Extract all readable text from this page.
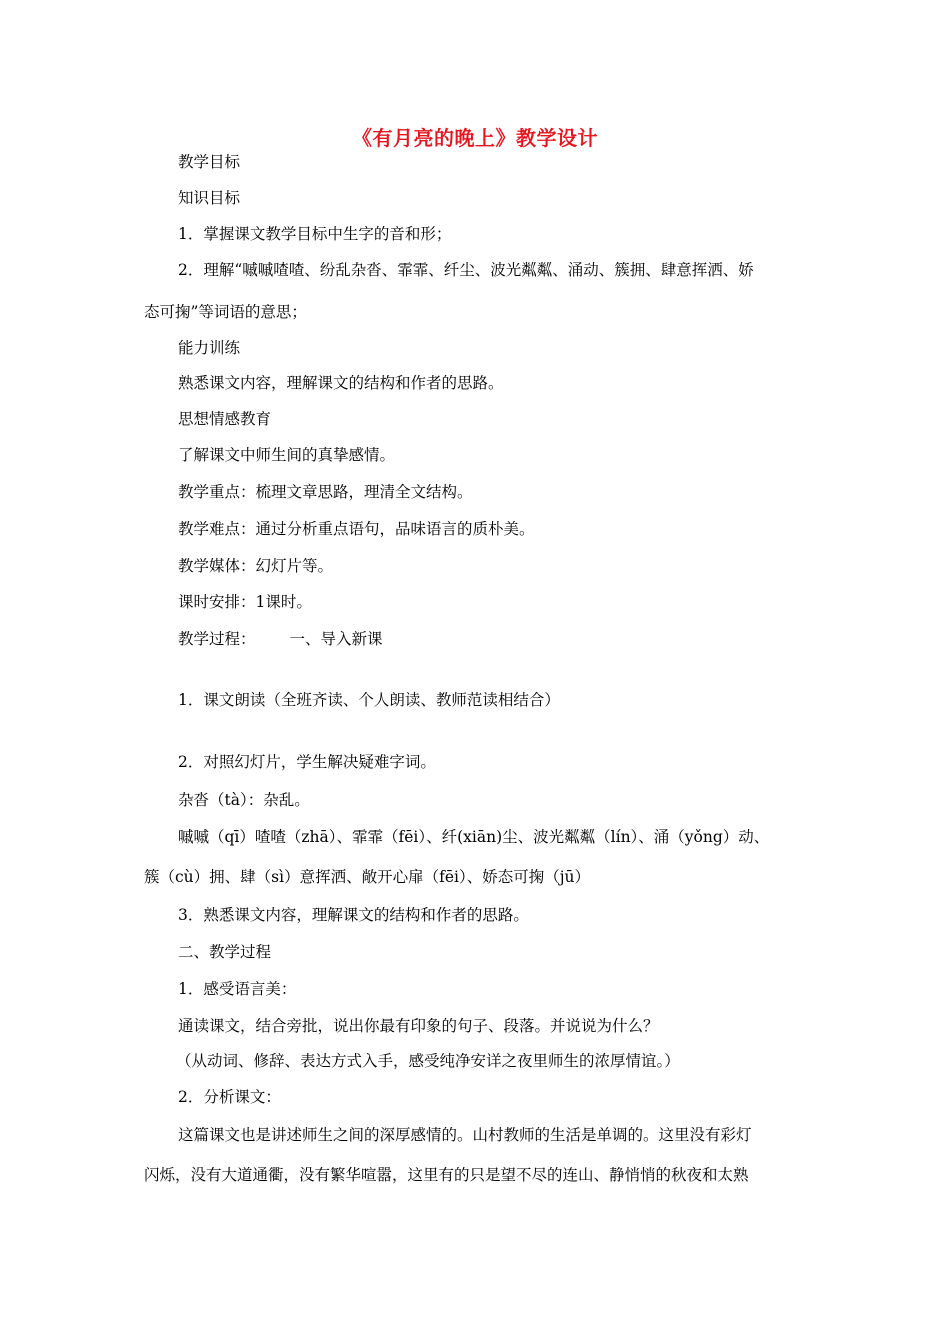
《有月亮的晚上》教学设计
教学目标
知识目标
1．掌握课文教学目标中生字的音和形；
2．理解“嘁嘁喳喳、纷乱杂沓、霏霏、纤尘、波光粼粼、涌动、簇拥、肆意挥洒、娇
态可掬”等词语的意思；
能力训练
熟悉课文内容，理解课文的结构和作者的思路。
思想情感教育
了解课文中师生间的真挚感情。
教学重点：梳理文章思路，理清全文结构。
教学难点：通过分析重点语句，品味语言的质朴美。
教学媒体：幻灯片等。
课时安排：1课时。
教学过程： 一、导入新课
1．课文朗读（全班齐读、个人朗读、教师范读相结合）
2．对照幻灯片，学生解决疑难字词。
杂沓（tà）：杂乱。
嘁嘁（qī）喳喳（zhā）、霏霏（fēi）、纤(xiān)尘、波光粼粼（lín）、涌（yǒng）动、
簇（cù）拥、肆（sì）意挥洒、敞开心扉（fēi）、娇态可掬（jū）
3．熟悉课文内容，理解课文的结构和作者的思路。
二、教学过程
1．感受语言美：
通读课文，结合旁批，说出你最有印象的句子、段落。并说说为什么？
（从动词、修辞、表达方式入手，感受纯净安详之夜里师生的浓厚情谊。）
2．分析课文：
这篇课文也是讲述师生之间的深厚感情的。山村教师的生活是单调的。这里没有彩灯
闪烁，没有大道通衢，没有繁华喧嚣，这里有的只是望不尽的连山、静悄悄的秋夜和太熟
